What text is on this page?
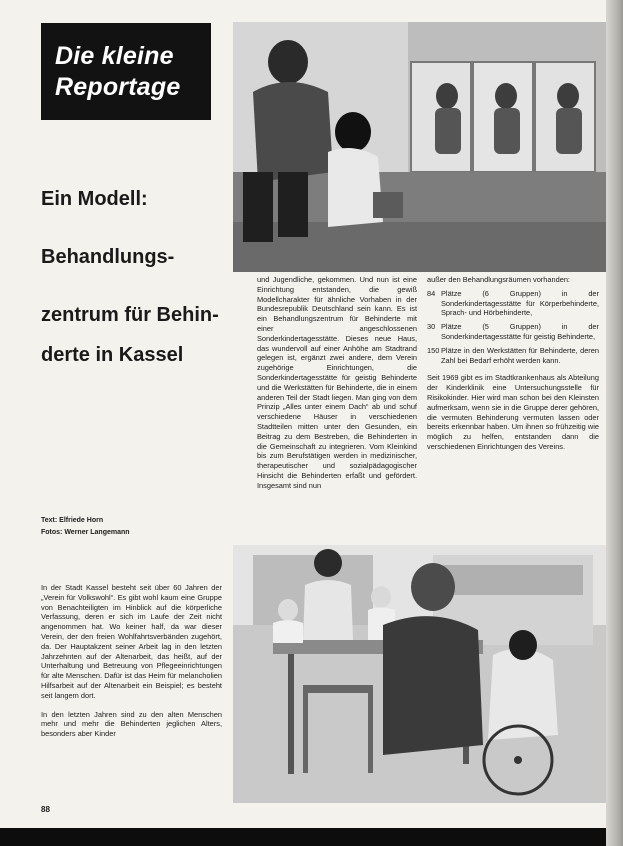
Die kleine
Reportage
Ein Modell:
Behandlungs-
zentrum für Behin-
derte in Kassel
Text: Elfriede Horn
Fotos: Werner Langemann

und Jugendliche, gekommen. Und nun ist eine Einrichtung entstanden, die gewiß Modellcharakter für ähnliche Vorhaben in der Bundesrepublik Deutschland sein kann. Es ist ein Behandlungszentrum für Behinderte mit einer angeschlossenen Sonderkindertagesstätte. Dieses neue Haus, das wundervoll auf einer Anhöhe am Stadtrand gelegen ist, ergänzt zwei andere, dem Verein zugehörige Einrichtungen, die Sonderkindertagesstätte für geistig Behinderte und die Werkstätten für Behinderte, die in einem anderen Teil der Stadt liegen. Man ging von dem Prinzip „Alles unter einem Dach“ ab und schuf verschiedene Häuser in verschiedenen Stadtteilen mitten unter den Gesunden, ein Beitrag zu dem Bestreben, die Behinderten in die Gemeinschaft zu integrieren. Vom Kleinkind bis zum Berufstätigen werden in medizinischer, therapeutischer und sozialpädagogischer Hinsicht die Behinderten erfaßt und gefördert. Insgesamt sind nun

außer den Behandlungsräumen vorhanden:

84 Plätze (6 Gruppen) in der Sonderkindertagesstätte für Körperbehinderte, Sprach- und Hörbehinderte,
30 Plätze (5 Gruppen) in der Sonderkindertagesstätte für geistig Behinderte,
150 Plätze in den Werkstätten für Behinderte, deren Zahl bei Bedarf erhöht werden kann.

Seit 1969 gibt es im Stadtkrankenhaus als Abteilung der Kinderklinik eine Untersuchungsstelle für Risikokinder. Hier wird man schon bei den Kleinsten aufmerksam, wenn sie in die Gruppe derer gehören, die vermuten Behinderung vermuten lassen oder bereits erkennbar haben. Um ihnen so frühzeitig wie möglich zu helfen, entstanden dann die verschiedenen Einrichtungen des Vereins.

In der Stadt Kassel besteht seit über 60 Jahren der „Verein für Volkswohl“. Es gibt wohl kaum eine Gruppe von Benachteiligten im Hinblick auf die körperliche Verfassung, deren er sich im Laufe der Zeit nicht angenommen hat. Wo keiner half, da war dieser Verein, der den freien Wohlfahrtsverbänden zugehört, da. Der Hauptakzent seiner Arbeit lag in den letzten Jahrzehnten auf der Altenarbeit, das heißt, auf der Unterhaltung und Betreuung von Pflegeeinrichtungen für alte Menschen. Dafür ist das Heim für melancholien Hilfsarbeit auf der Altenarbeit ein Beispiel; es besteht seit langem dort.

In den letzten Jahren sind zu den alten Menschen mehr und mehr die Behinderten jeglichen Alters, besonders aber Kinder

88
